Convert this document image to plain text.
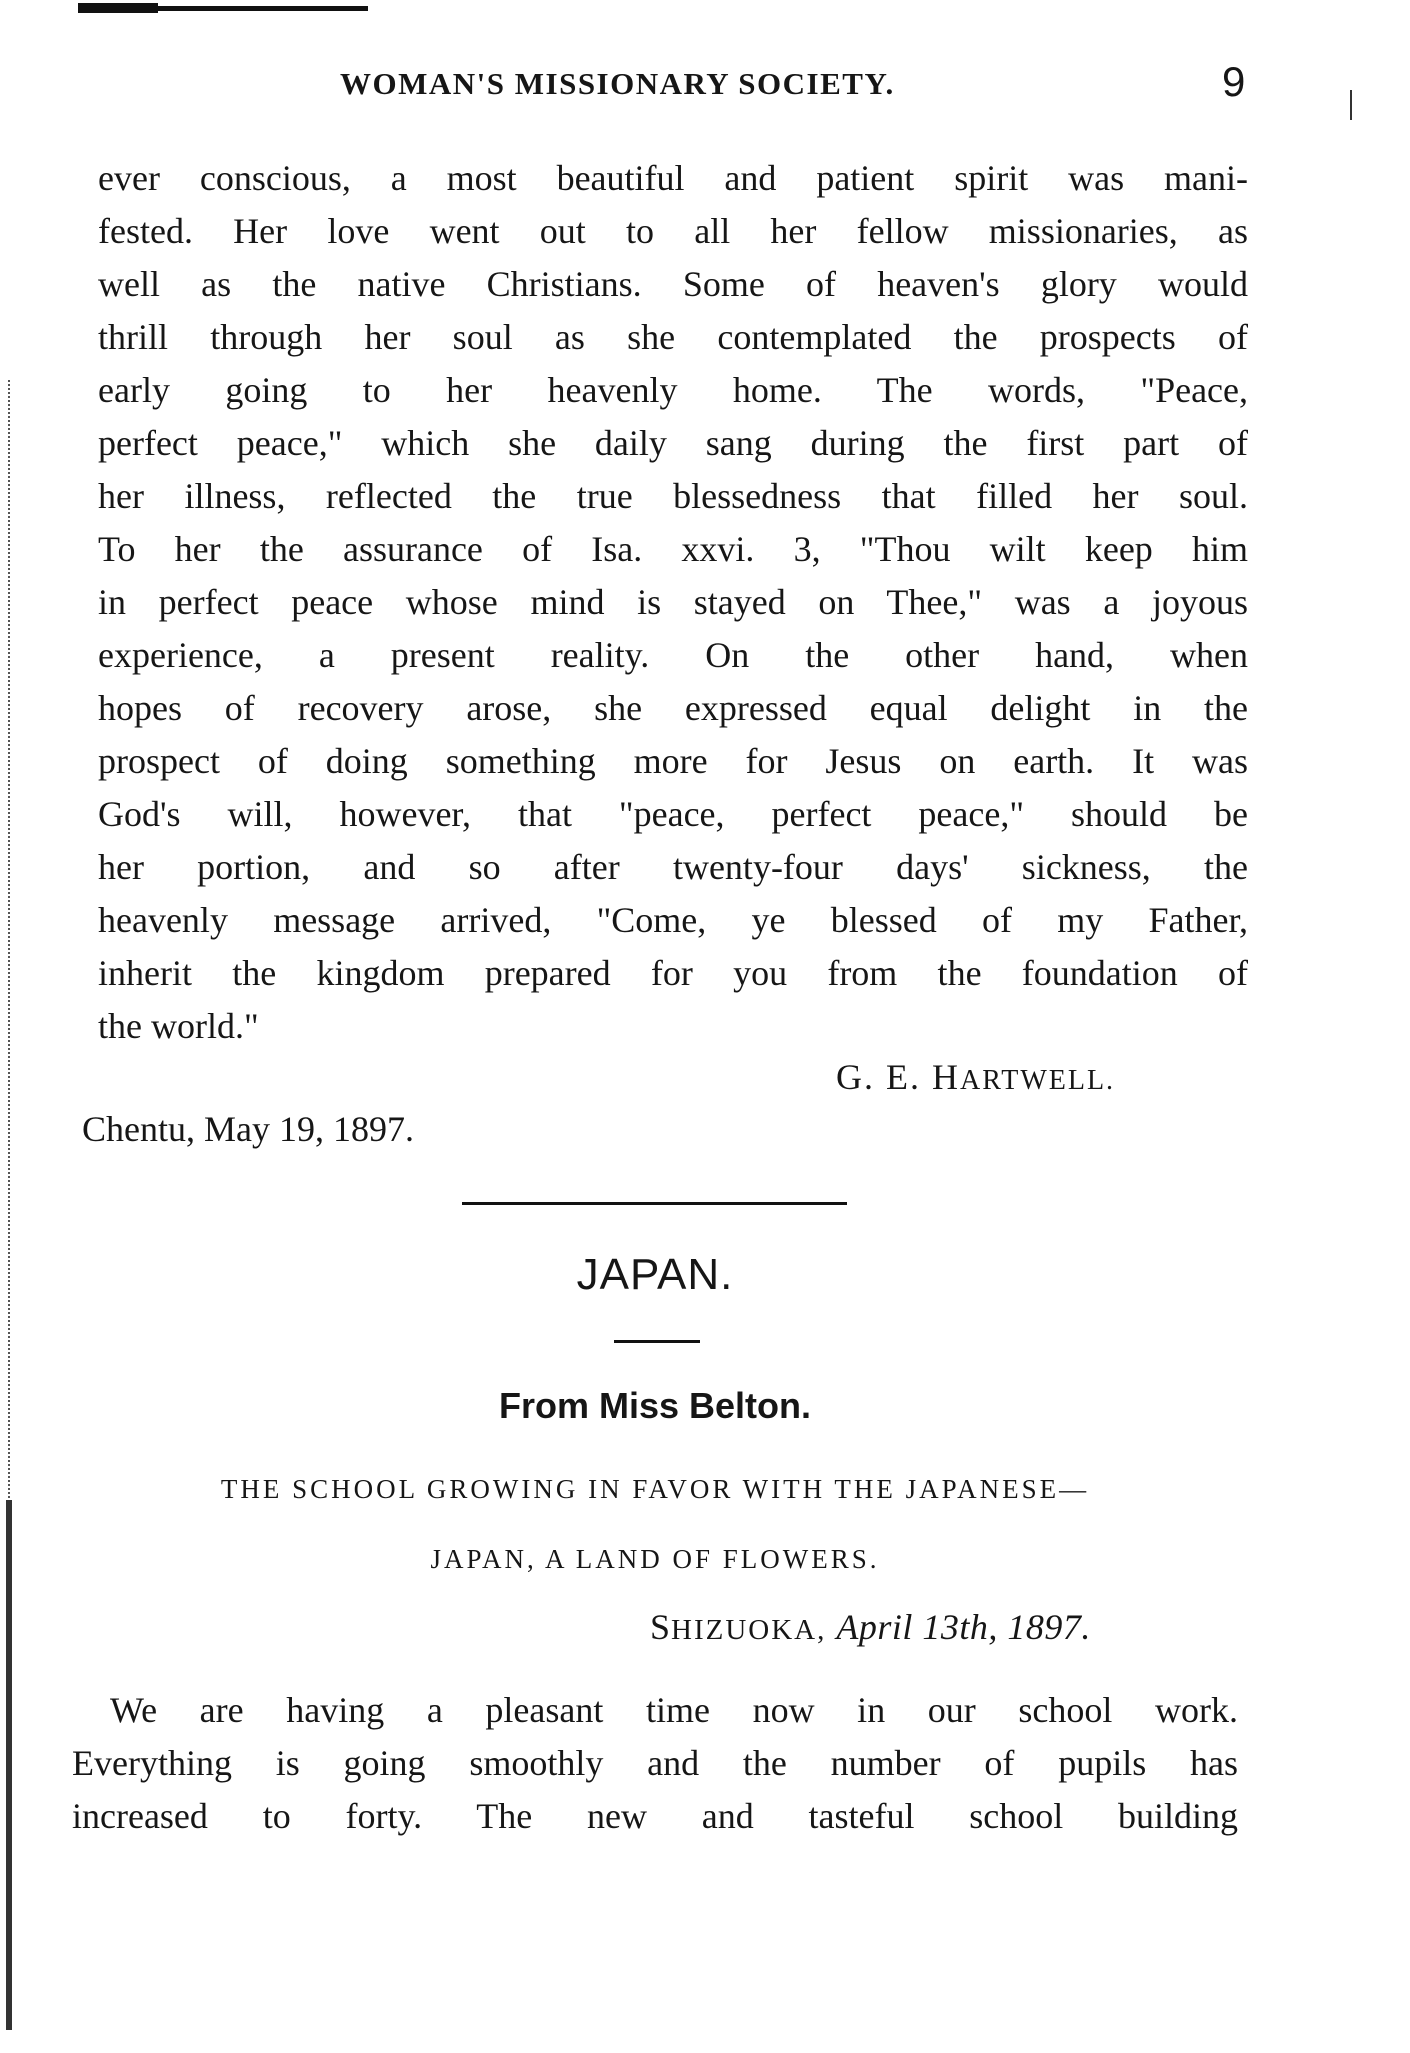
WOMAN'S MISSIONARY SOCIETY.	9
ever conscious, a most beautiful and patient spirit was mani-
fested. Her love went out to all her fellow missionaries, as
well as the native Christians. Some of heaven's glory would
thrill through her soul as she contemplated the prospects of
early going to her heavenly home. The words, "Peace,
perfect peace," which she daily sang during the first part of
her illness, reflected the true blessedness that filled her soul.
To her the assurance of Isa. xxvi. 3, "Thou wilt keep him
in perfect peace whose mind is stayed on Thee," was a joyous
experience, a present reality. On the other hand, when
hopes of recovery arose, she expressed equal delight in the
prospect of doing something more for Jesus on earth. It was
God's will, however, that "peace, perfect peace," should be
her portion, and so after twenty-four days' sickness, the
heavenly message arrived, "Come, ye blessed of my Father,
inherit the kingdom prepared for you from the foundation of
the world."
G. E. HARTWELL.
Chentu, May 19, 1897.
JAPAN.
From Miss Belton.
THE SCHOOL GROWING IN FAVOR WITH THE JAPANESE—
JAPAN, A LAND OF FLOWERS.
SHIZUOKA, April 13th, 1897.
We are having a pleasant time now in our school work.
Everything is going smoothly and the number of pupils has
increased to forty. The new and tasteful school building
